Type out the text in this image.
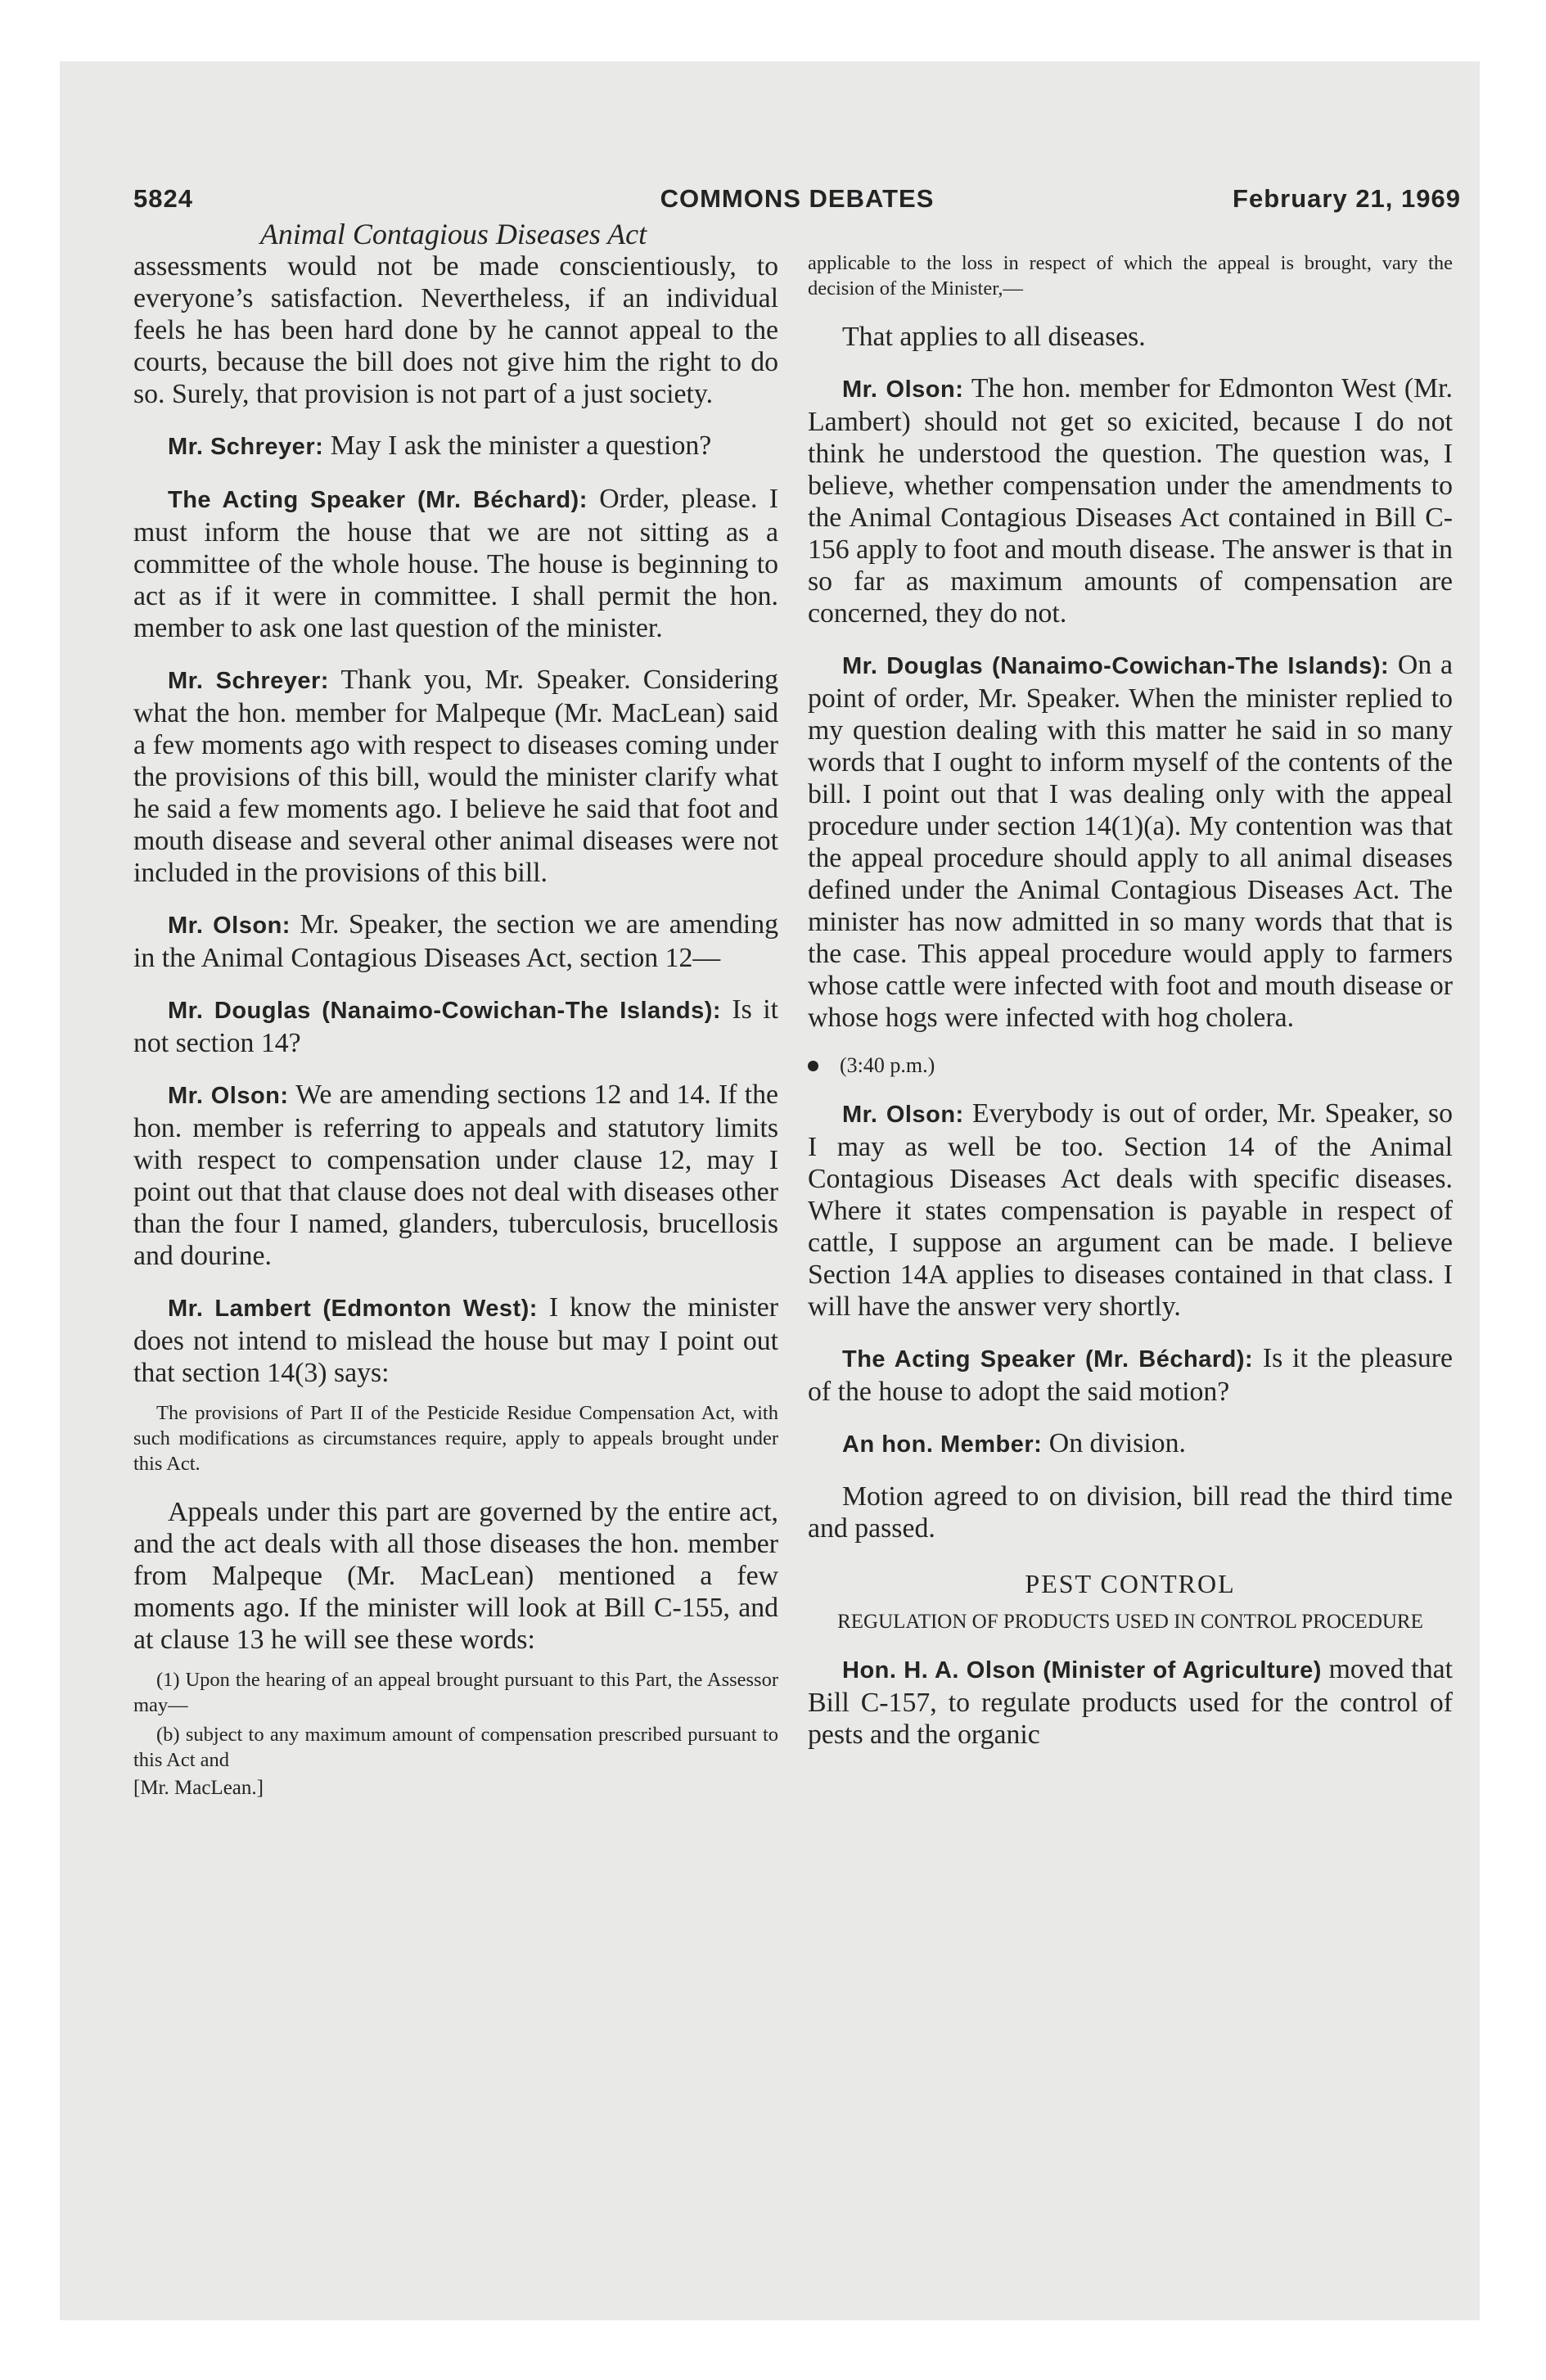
5824	COMMONS DEBATES	February 21, 1969
Animal Contagious Diseases Act

assessments would not be made conscientiously, to everyone’s satisfaction. Nevertheless, if an individual feels he has been hard done by he cannot appeal to the courts, because the bill does not give him the right to do so. Surely, that provision is not part of a just society.

Mr. Schreyer: May I ask the minister a question?

The Acting Speaker (Mr. Béchard): Order, please. I must inform the house that we are not sitting as a committee of the whole house. The house is beginning to act as if it were in committee. I shall permit the hon. member to ask one last question of the minister.

Mr. Schreyer: Thank you, Mr. Speaker. Considering what the hon. member for Malpeque (Mr. MacLean) said a few moments ago with respect to diseases coming under the provisions of this bill, would the minister clarify what he said a few moments ago. I believe he said that foot and mouth disease and several other animal diseases were not included in the provisions of this bill.

Mr. Olson: Mr. Speaker, the section we are amending in the Animal Contagious Diseases Act, section 12—

Mr. Douglas (Nanaimo-Cowichan-The Islands): Is it not section 14?

Mr. Olson: We are amending sections 12 and 14. If the hon. member is referring to appeals and statutory limits with respect to compensation under clause 12, may I point out that that clause does not deal with diseases other than the four I named, glanders, tuberculosis, brucellosis and dourine.

Mr. Lambert (Edmonton West): I know the minister does not intend to mislead the house but may I point out that section 14(3) says:

The provisions of Part II of the Pesticide Residue Compensation Act, with such modifications as circumstances require, apply to appeals brought under this Act.

Appeals under this part are governed by the entire act, and the act deals with all those diseases the hon. member from Malpeque (Mr. MacLean) mentioned a few moments ago. If the minister will look at Bill C-155, and at clause 13 he will see these words:

(1) Upon the hearing of an appeal brought pursuant to this Part, the Assessor may—

(b) subject to any maximum amount of compensation prescribed pursuant to this Act and

[Mr. MacLean.]

applicable to the loss in respect of which the appeal is brought, vary the decision of the Minister,—

That applies to all diseases.

Mr. Olson: The hon. member for Edmonton West (Mr. Lambert) should not get so exicited, because I do not think he understood the question. The question was, I believe, whether compensation under the amendments to the Animal Contagious Diseases Act contained in Bill C-156 apply to foot and mouth disease. The answer is that in so far as maximum amounts of compensation are concerned, they do not.

Mr. Douglas (Nanaimo-Cowichan-The Islands): On a point of order, Mr. Speaker. When the minister replied to my question dealing with this matter he said in so many words that I ought to inform myself of the contents of the bill. I point out that I was dealing only with the appeal procedure under section 14(1)(a). My contention was that the appeal procedure should apply to all animal diseases defined under the Animal Contagious Diseases Act. The minister has now admitted in so many words that that is the case. This appeal procedure would apply to farmers whose cattle were infected with foot and mouth disease or whose hogs were infected with hog cholera.

(3:40 p.m.)

Mr. Olson: Everybody is out of order, Mr. Speaker, so I may as well be too. Section 14 of the Animal Contagious Diseases Act deals with specific diseases. Where it states compensation is payable in respect of cattle, I suppose an argument can be made. I believe Section 14A applies to diseases contained in that class. I will have the answer very shortly.

The Acting Speaker (Mr. Béchard): Is it the pleasure of the house to adopt the said motion?

An hon. Member: On division.

Motion agreed to on division, bill read the third time and passed.

PEST CONTROL
REGULATION OF PRODUCTS USED IN CONTROL PROCEDURE

Hon. H. A. Olson (Minister of Agriculture) moved that Bill C-157, to regulate products used for the control of pests and the organic
